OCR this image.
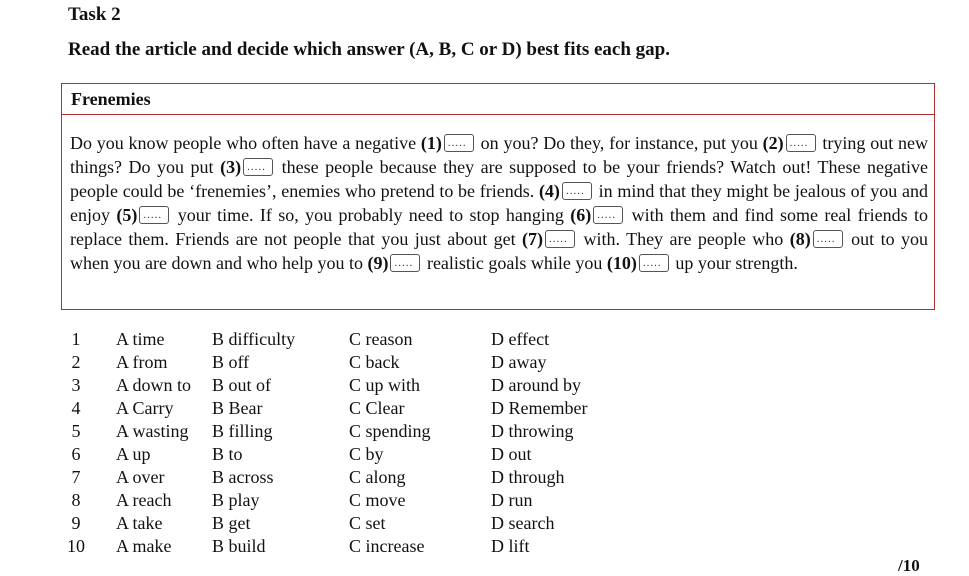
Task 2

Read the article and decide which answer (A, B, C or D) best fits each gap.

Frenemies

Do you know people who often have a negative (1)..... on you? Do they, for instance, put you (2)..... trying out new things? Do you put (3)..... these people because they are supposed to be your friends? Watch out! These negative people could be ‘frenemies’, enemies who pretend to be friends. (4)..... in mind that they might be jealous of you and enjoy (5)..... your time. If so, you probably need to stop hanging (6)..... with them and find some real friends to replace them. Friends are not people that you just about get (7)..... with. They are people who (8)..... out to you when you are down and who help you to (9)..... realistic goals while you (10)..... up your strength.

1	A time	B difficulty	C reason	D effect
2	A from B off	C back	D away
3	A down to B out of	C up with	D around by
4	A Carry B Bear	C Clear	D Remember
5	A wasting B filling	C spending	D throwing
6	A up	B to	C by	D out
7	A over	B across	C along	D through
8	A reach B play	C move	D run
9	A take	B get	C set	D search
10 A make B build	C increase	D lift
/10
